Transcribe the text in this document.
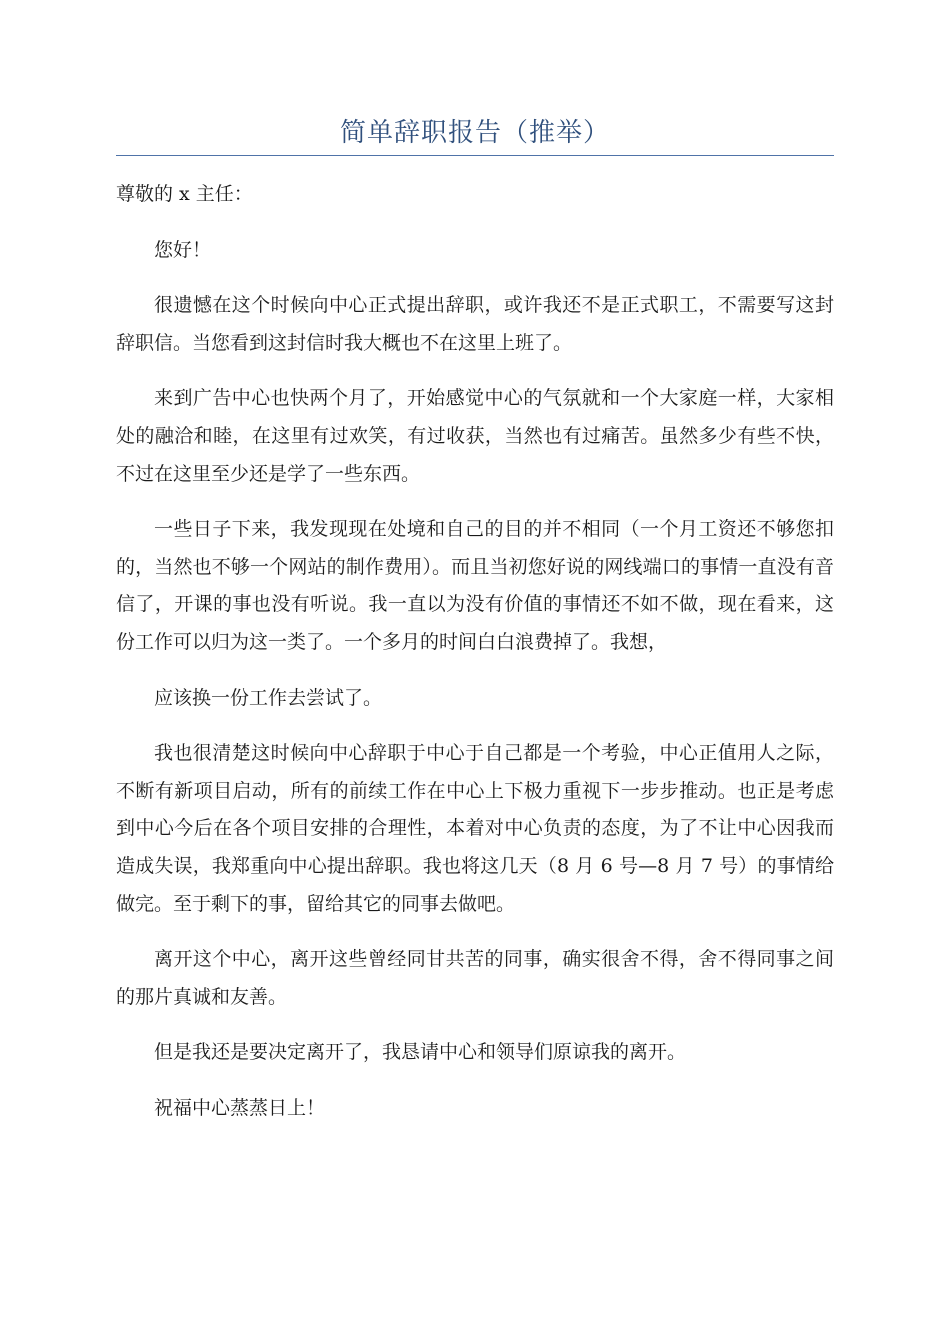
简单辞职报告（推举）

尊敬的 x 主任：

您好！

很遗憾在这个时候向中心正式提出辞职，或许我还不是正式职工，不需要写这封辞职信。当您看到这封信时我大概也不在这里上班了。

来到广告中心也快两个月了，开始感觉中心的气氛就和一个大家庭一样，大家相处的融洽和睦，在这里有过欢笑，有过收获，当然也有过痛苦。虽然多少有些不快，不过在这里至少还是学了一些东西。

一些日子下来，我发现现在处境和自己的目的并不相同（一个月工资还不够您扣的，当然也不够一个网站的制作费用）。而且当初您好说的网线端口的事情一直没有音信了，开课的事也没有听说。我一直以为没有价值的事情还不如不做，现在看来，这份工作可以归为这一类了。一个多月的时间白白浪费掉了。我想，

应该换一份工作去尝试了。

我也很清楚这时候向中心辞职于中心于自己都是一个考验，中心正值用人之际，不断有新项目启动，所有的前续工作在中心上下极力重视下一步步推动。也正是考虑到中心今后在各个项目安排的合理性，本着对中心负责的态度，为了不让中心因我而造成失误，我郑重向中心提出辞职。我也将这几天（8 月 6 号—8 月 7 号）的事情给做完。至于剩下的事，留给其它的同事去做吧。

离开这个中心，离开这些曾经同甘共苦的同事，确实很舍不得，舍不得同事之间的那片真诚和友善。

但是我还是要决定离开了，我恳请中心和领导们原谅我的离开。

祝福中心蒸蒸日上！
